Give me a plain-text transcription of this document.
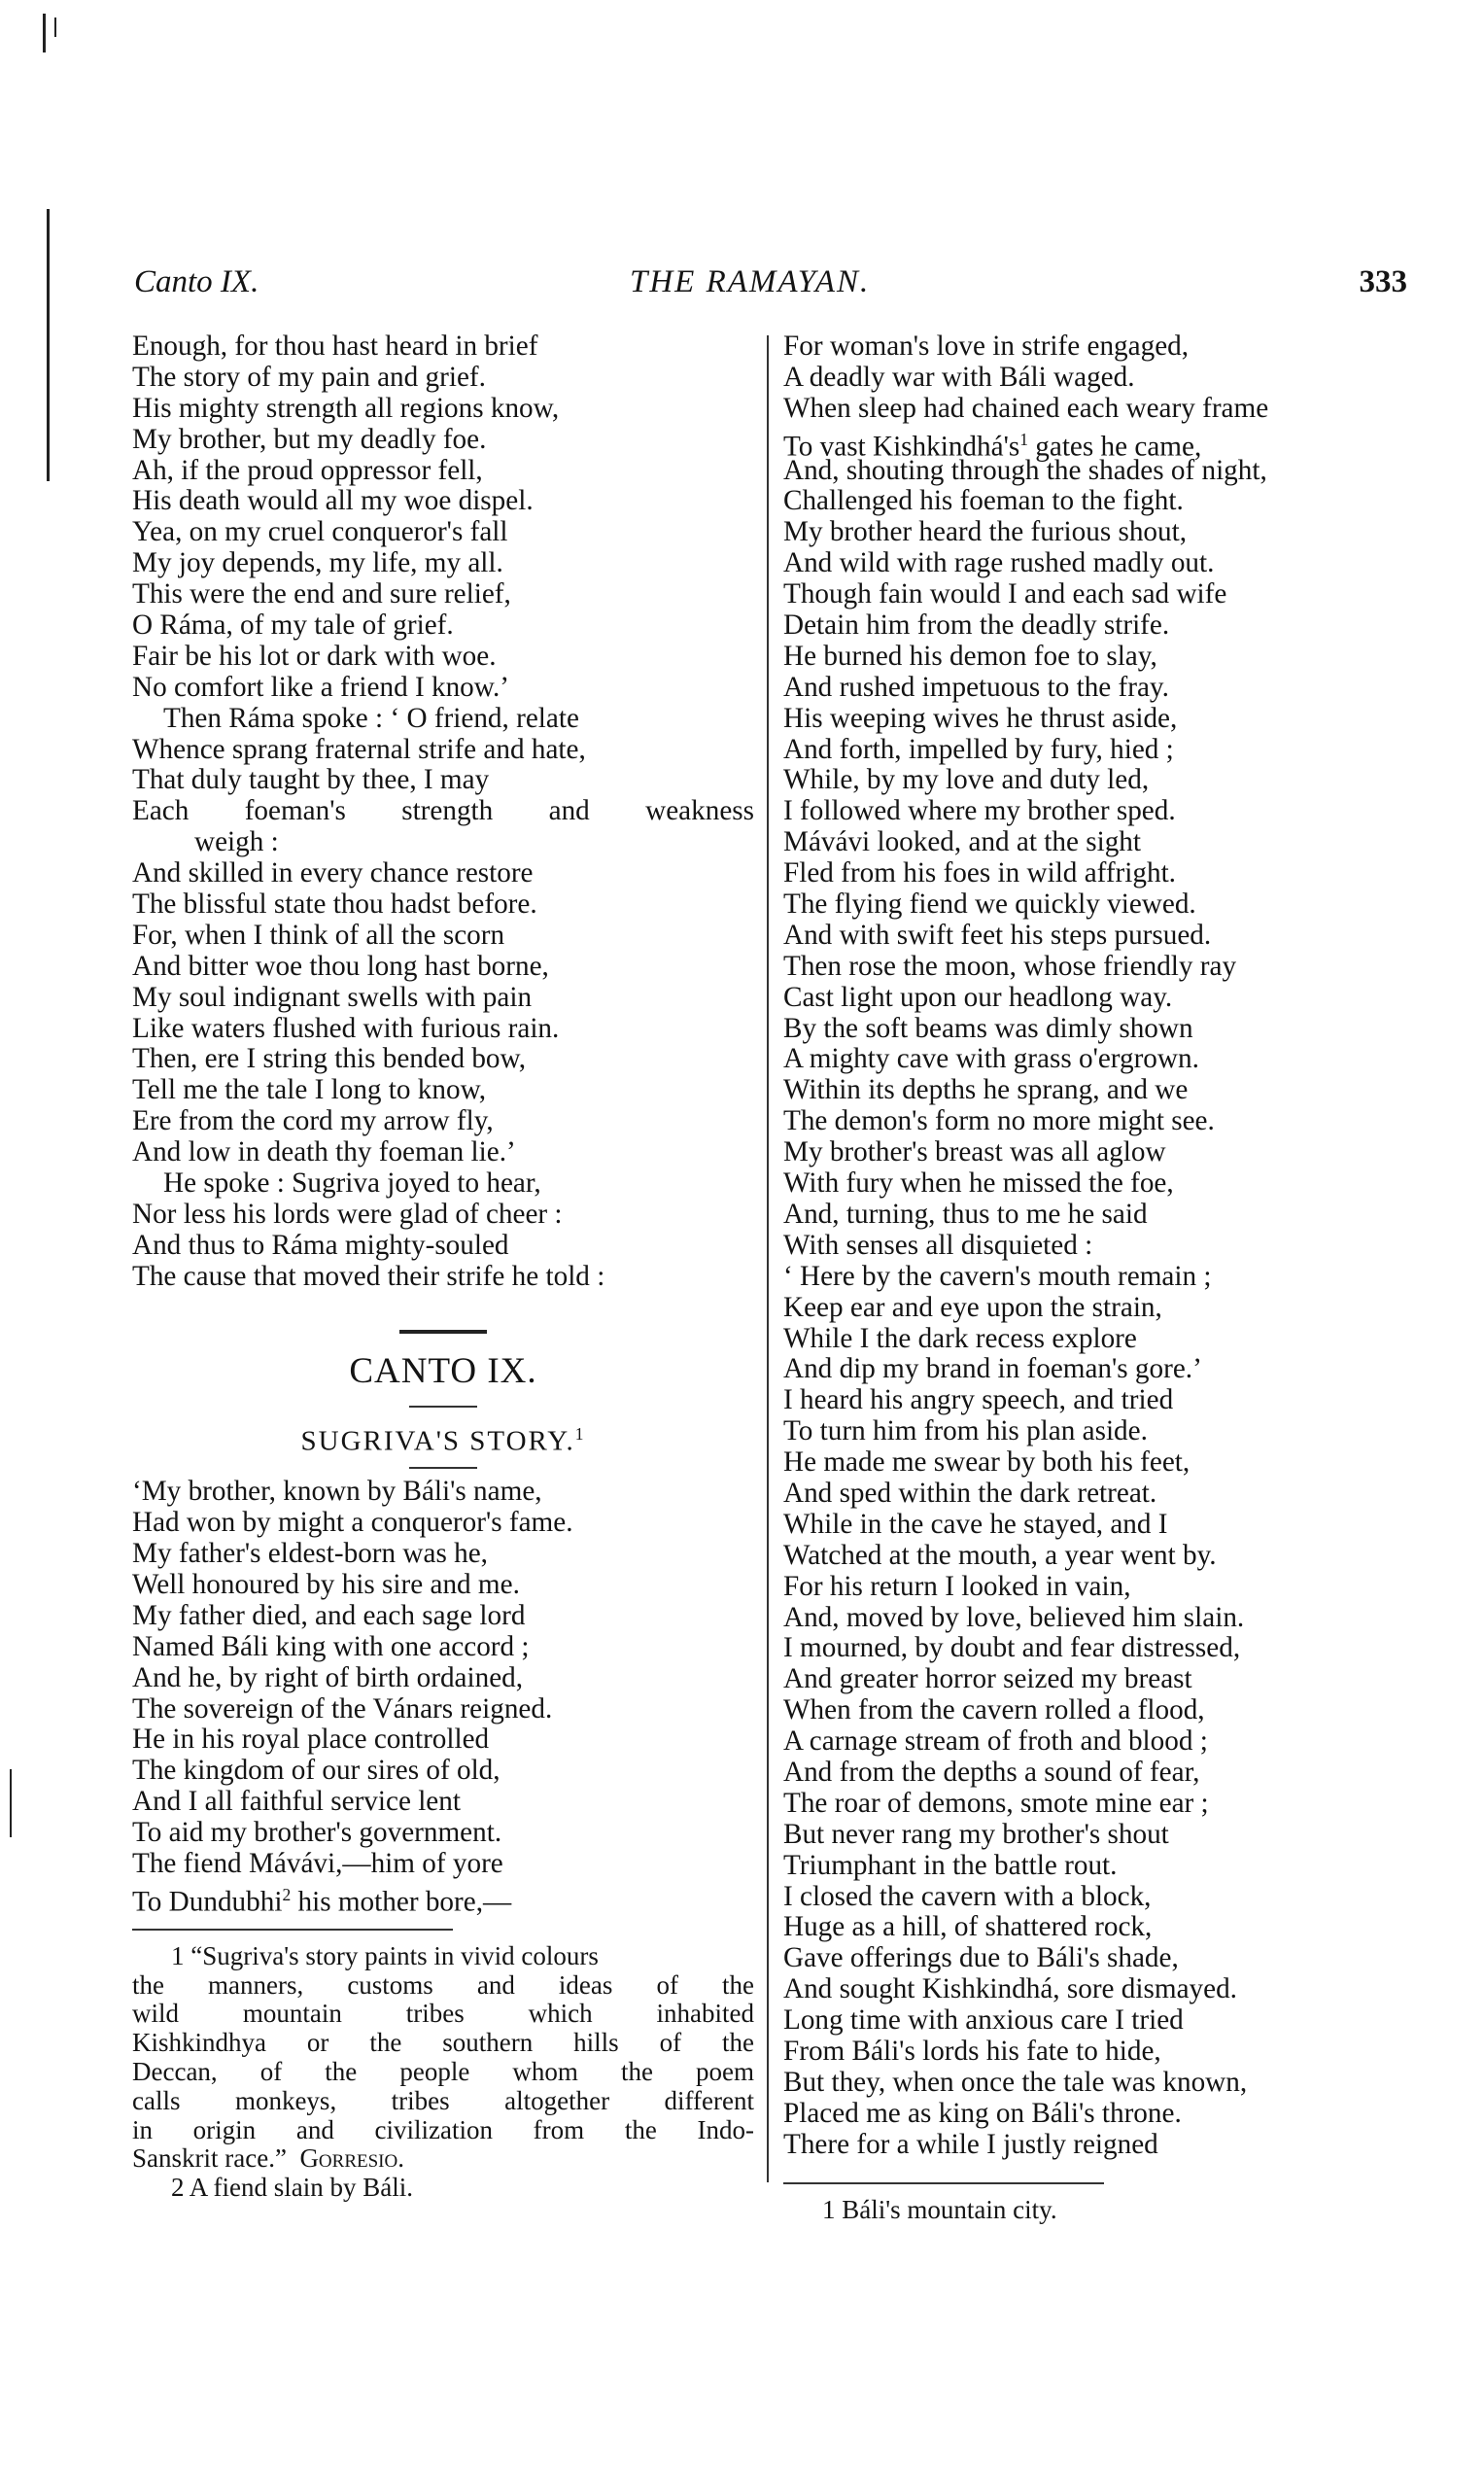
Canto IX.	THE RAMAYAN.	333
Enough, for thou hast heard in brief
The story of my pain and grief.
His mighty strength all regions know,
My brother, but my deadly foe.
Ah, if the proud oppressor fell,
His death would all my woe dispel.
Yea, on my cruel conqueror's fall
My joy depends, my life, my all.
This were the end and sure relief,
O Ráma, of my tale of grief.
Fair be his lot or dark with woe.
No comfort like a friend I know.’
Then Ráma spoke : ‘ O friend, relate
Whence sprang fraternal strife and hate,
That duly taught by thee, I may
Each foeman's strength and weakness
weigh :
And skilled in every chance restore
The blissful state thou hadst before.
For, when I think of all the scorn
And bitter woe thou long hast borne,
My soul indignant swells with pain
Like waters flushed with furious rain.
Then, ere I string this bended bow,
Tell me the tale I long to know,
Ere from the cord my arrow fly,
And low in death thy foeman lie.’
He spoke : Sugriva joyed to hear,
Nor less his lords were glad of cheer :
And thus to Ráma mighty-souled
The cause that moved their strife he told :
CANTO IX.
SUGRIVA'S STORY.$^1$
‘My brother, known by Báli's name,
Had won by might a conqueror's fame.
My father's eldest-born was he,
Well honoured by his sire and me.
My father died, and each sage lord
Named Báli king with one accord ;
And he, by right of birth ordained,
The sovereign of the Vánars reigned.
He in his royal place controlled
The kingdom of our sires of old,
And I all faithful service lent
To aid my brother's government.
The fiend Mávávi,—him of yore
To Dundubhi$^2$ his mother bore,—
1 “Sugriva's story paints in vivid colours
the manners, customs and ideas of the
wild mountain tribes which inhabited
Kishkindhya or the southern hills of the
Deccan, of the people whom the poem
calls monkeys, tribes altogether different
in origin and civilization from the Indo-
Sanskrit race.” Gorresio.
2 A fiend slain by Báli.
For woman's love in strife engaged,
A deadly war with Báli waged.
When sleep had chained each weary frame
To vast $Kishkindhá's^1$ gates he came,
And, shouting through the shades of night,
Challenged his foeman to the fight.
My brother heard the furious shout,
And wild with rage rushed madly out.
Though fain would I and each sad wife
Detain him from the deadly strife.
He burned his demon foe to slay,
And rushed impetuous to the fray.
His weeping wives he thrust aside,
And forth, impelled by fury, hied ;
While, by my love and duty led,
I followed where my brother sped.
Mávávi looked, and at the sight
Fled from his foes in wild affright.
The flying fiend we quickly viewed.
And with swift feet his steps pursued.
Then rose the moon, whose friendly ray
Cast light upon our headlong way.
By the soft beams was dimly shown
A mighty cave with grass o'ergrown.
Within its depths he sprang, and we
The demon's form no more might see.
My brother's breast was all aglow
With fury when he missed the foe,
And, turning, thus to me he said
With senses all disquieted :
‘ Here by the cavern's mouth remain ;
Keep ear and eye upon the strain,
While I the dark recess explore
And dip my brand in foeman's gore.’
I heard his angry speech, and tried
To turn him from his plan aside.
He made me swear by both his feet,
And sped within the dark retreat.
While in the cave he stayed, and I
Watched at the mouth, a year went by.
For his return I looked in vain,
And, moved by love, believed him slain.
I mourned, by doubt and fear distressed,
And greater horror seized my breast
When from the cavern rolled a flood,
A carnage stream of froth and blood ;
And from the depths a sound of fear,
The roar of demons, smote mine ear ;
But never rang my brother's shout
Triumphant in the battle rout.
I closed the cavern with a block,
Huge as a hill, of shattered rock,
Gave offerings due to Báli's shade,
And sought Kishkindhá, sore dismayed.
Long time with anxious care I tried
From Báli's lords his fate to hide,
But they, when once the tale was known,
Placed me as king on Báli's throne.
There for a while I justly reigned
1 Báli's mountain city.
